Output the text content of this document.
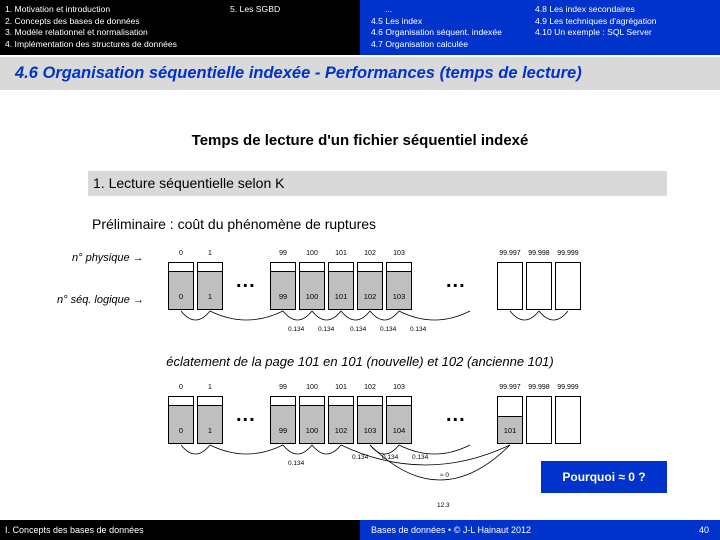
1. Motivation et introduction
2. Concepts des bases de données
3. Modèle relationnel et normalisation
4. Implémentation des structures de données
5. Les SGBD	...
4.5 Les index
4.6 Organisation séquent. indexée
4.7 Organisation calculée
4.8 Les index secondaires
4.9 Les techniques d'agrégation
4.10 Un exemple : SQL Server
4.6 Organisation séquentielle indexée - Performances (temps de lecture)
Temps de lecture d'un fichier séquentiel indexé
1. Lecture séquentielle selon K
Préliminaire : coût du phénomène de ruptures
n° physique →
n° séq. logique →
0	1	99	100 101 102 103	99.997 99.998 99.999
0	1	99	100	101	102	103
...	...
éclatement de la page 101 en 101 (nouvelle) et 102 (ancienne 101)
0	1	99	100 101 102 103	99.997 99.998 99.999
0	1	99	100	102	103	104	101
...	...
Pourquoi ≈ 0 ?
I. Concepts des bases de données	Bases de données • © J-L Hainaut 2012	40
0.134 0.134 0.134 0.134 0.134
0.134
0.134 0.134 0.134
≈ 0
12.3
